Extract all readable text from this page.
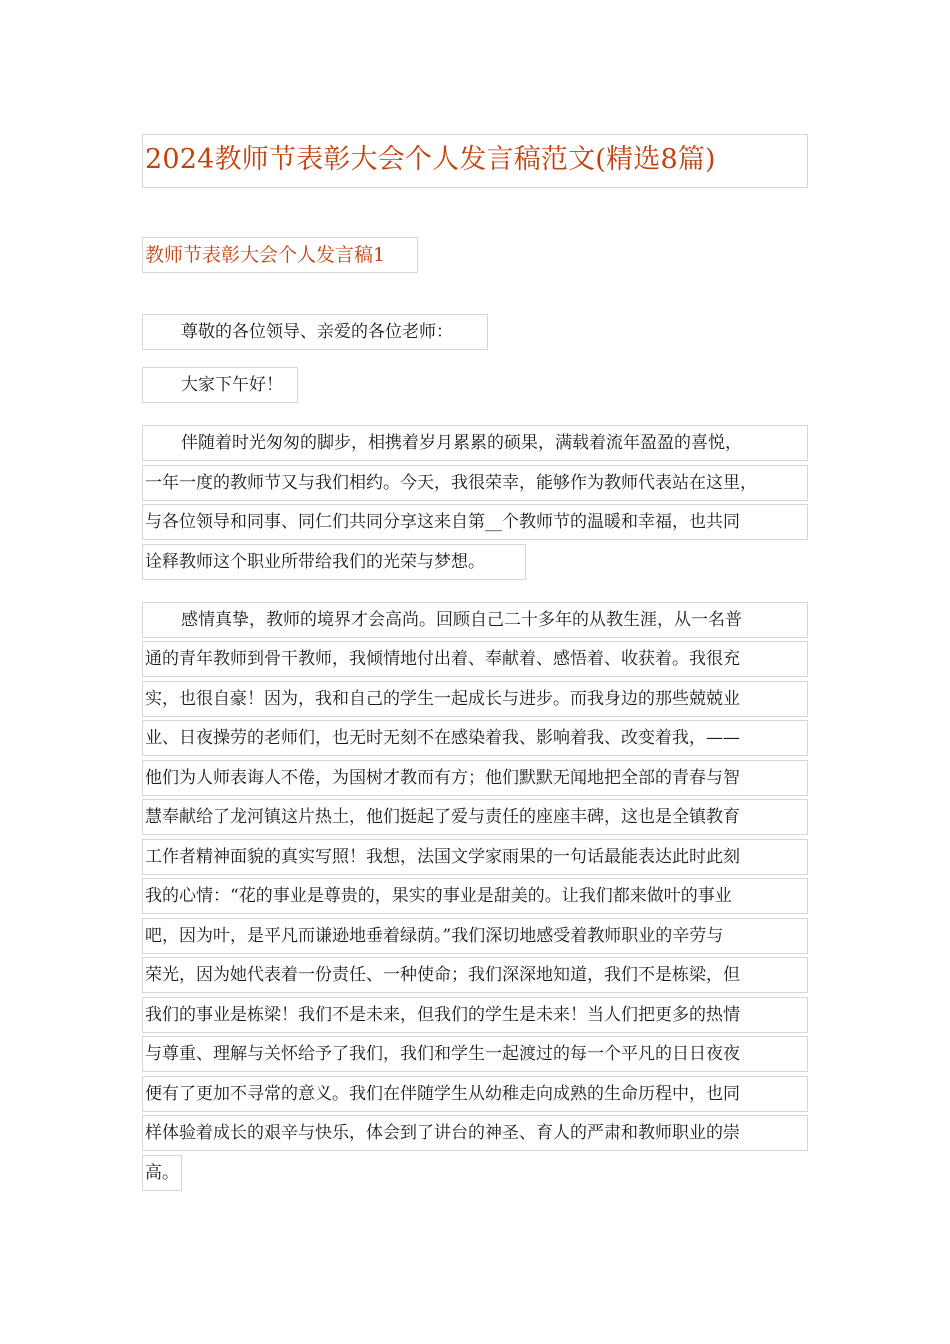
2024教师节表彰大会个人发言稿范文(精选8篇)
教师节表彰大会个人发言稿1
尊敬的各位领导、亲爱的各位老师：
大家下午好！
伴随着时光匆匆的脚步，相携着岁月累累的硕果，满载着流年盈盈的喜悦，
一年一度的教师节又与我们相约。今天，我很荣幸，能够作为教师代表站在这里，
与各位领导和同事、同仁们共同分享这来自第__个教师节的温暖和幸福，也共同
诠释教师这个职业所带给我们的光荣与梦想。
感情真挚，教师的境界才会高尚。回顾自己二十多年的从教生涯，从一名普
通的青年教师到骨干教师，我倾情地付出着、奉献着、感悟着、收获着。我很充
实，也很自豪！因为，我和自己的学生一起成长与进步。而我身边的那些兢兢业
业、日夜操劳的老师们，也无时无刻不在感染着我、影响着我、改变着我，——
他们为人师表诲人不倦，为国树才教而有方；他们默默无闻地把全部的青春与智
慧奉献给了龙河镇这片热土，他们挺起了爱与责任的座座丰碑，这也是全镇教育
工作者精神面貌的真实写照！我想，法国文学家雨果的一句话最能表达此时此刻
我的心情：“花的事业是尊贵的，果实的事业是甜美的。让我们都来做叶的事业
吧，因为叶，是平凡而谦逊地垂着绿荫。”我们深切地感受着教师职业的辛劳与
荣光，因为她代表着一份责任、一种使命；我们深深地知道，我们不是栋梁，但
我们的事业是栋梁！我们不是未来，但我们的学生是未来！当人们把更多的热情
与尊重、理解与关怀给予了我们，我们和学生一起渡过的每一个平凡的日日夜夜
便有了更加不寻常的意义。我们在伴随学生从幼稚走向成熟的生命历程中，也同
样体验着成长的艰辛与快乐，体会到了讲台的神圣、育人的严肃和教师职业的崇
高。
